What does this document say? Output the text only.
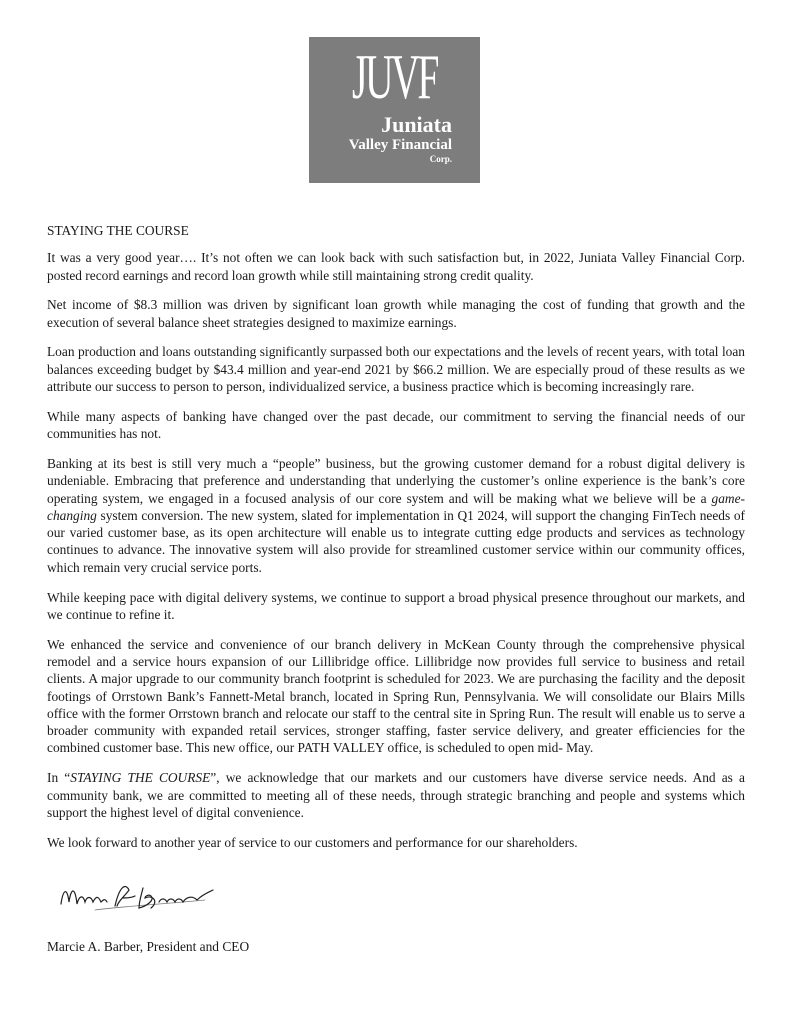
JUVF
Juniata
Valley Financial
Corp.

STAYING THE COURSE

It was a very good year…. It’s not often we can look back with such satisfaction but, in 2022, Juniata Valley Financial Corp. posted record earnings and record loan growth while still maintaining strong credit quality.

Net income of $8.3 million was driven by significant loan growth while managing the cost of funding that growth and the execution of several balance sheet strategies designed to maximize earnings.

Loan production and loans outstanding significantly surpassed both our expectations and the levels of recent years, with total loan balances exceeding budget by $43.4 million and year-end 2021 by $66.2 million. We are especially proud of these results as we attribute our success to person to person, individualized service, a business practice which is becoming increasingly rare.

While many aspects of banking have changed over the past decade, our commitment to serving the financial needs of our communities has not.

Banking at its best is still very much a “people” business, but the growing customer demand for a robust digital delivery is undeniable. Embracing that preference and understanding that underlying the customer’s online experience is the bank’s core operating system, we engaged in a focused analysis of our core system and will be making what we believe will be a game-changing system conversion. The new system, slated for implementation in Q1 2024, will support the changing FinTech needs of our varied customer base, as its open architecture will enable us to integrate cutting edge products and services as technology continues to advance. The innovative system will also provide for streamlined customer service within our community offices, which remain very crucial service ports.

While keeping pace with digital delivery systems, we continue to support a broad physical presence throughout our markets, and we continue to refine it.

We enhanced the service and convenience of our branch delivery in McKean County through the comprehensive physical remodel and a service hours expansion of our Lillibridge office. Lillibridge now provides full service to business and retail clients. A major upgrade to our community branch footprint is scheduled for 2023. We are purchasing the facility and the deposit footings of Orrstown Bank’s Fannett-Metal branch, located in Spring Run, Pennsylvania. We will consolidate our Blairs Mills office with the former Orrstown branch and relocate our staff to the central site in Spring Run. The result will enable us to serve a broader community with expanded retail services, stronger staffing, faster service delivery, and greater efficiencies for the combined customer base. This new office, our PATH VALLEY office, is scheduled to open mid- May.

In “STAYING THE COURSE”, we acknowledge that our markets and our customers have diverse service needs. And as a community bank, we are committed to meeting all of these needs, through strategic branching and people and systems which support the highest level of digital convenience.

We look forward to another year of service to our customers and performance for our shareholders.

Marcie A. Barber, President and CEO
